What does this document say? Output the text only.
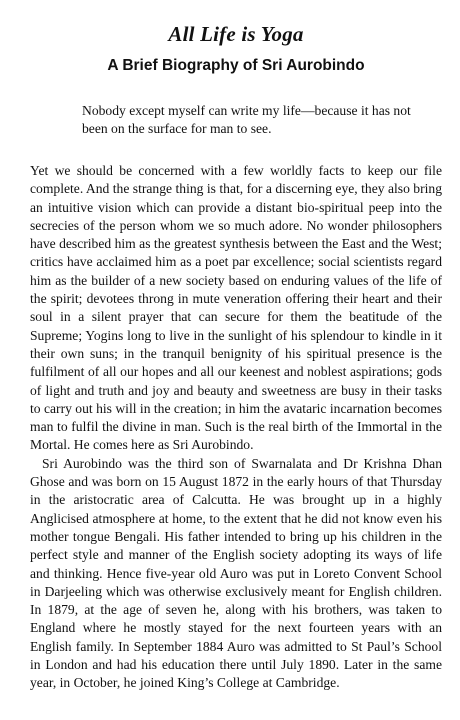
All Life is Yoga
A Brief Biography of Sri Aurobindo
Nobody except myself can write my life—because it has not been on the surface for man to see.

Yet we should be concerned with a few worldly facts to keep our file complete. And the strange thing is that, for a discerning eye, they also bring an intuitive vision which can provide a distant bio-spiritual peep into the secrecies of the person whom we so much adore. No wonder philosophers have described him as the greatest synthesis between the East and the West; critics have acclaimed him as a poet par excellence; social scientists regard him as the builder of a new society based on enduring values of the life of the spirit; devotees throng in mute veneration offering their heart and their soul in a silent prayer that can secure for them the beatitude of the Supreme; Yogins long to live in the sunlight of his splendour to kindle in it their own suns; in the tranquil benignity of his spiritual presence is the fulfilment of all our hopes and all our keenest and noblest aspirations; gods of light and truth and joy and beauty and sweetness are busy in their tasks to carry out his will in the creation; in him the avataric incarnation becomes man to fulfil the divine in man. Such is the real birth of the Immortal in the Mortal. He comes here as Sri Aurobindo.

Sri Aurobindo was the third son of Swarnalata and Dr Krishna Dhan Ghose and was born on 15 August 1872 in the early hours of that Thursday in the aristocratic area of Calcutta. He was brought up in a highly Anglicised atmosphere at home, to the extent that he did not know even his mother tongue Bengali. His father intended to bring up his children in the perfect style and manner of the English society adopting its ways of life and thinking. Hence five-year old Auro was put in Loreto Convent School in Darjeeling which was otherwise exclusively meant for English children. In 1879, at the age of seven he, along with his brothers, was taken to England where he mostly stayed for the next fourteen years with an English family. In September 1884 Auro was admitted to St Paul’s School in London and had his education there until July 1890. Later in the same year, in October, he joined King’s College at Cambridge.
